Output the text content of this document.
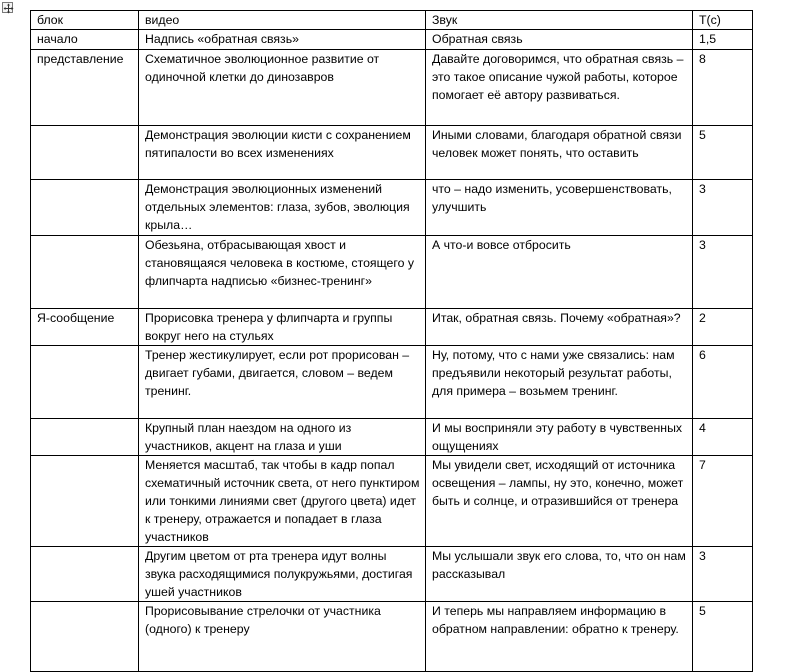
блок	видео	Звук	Т(с)
начало	Надпись «обратная связь»	Обратная связь	1,5
представление	Схематичное эволюционное развитие от одиночной клетки до динозавров	Давайте договоримся, что обратная связь – это такое описание чужой работы, которое помогает её автору развиваться.	8
	Демонстрация эволюции кисти с сохранением пятипалости во всех изменениях	Иными словами, благодаря обратной связи человек может понять, что оставить	5
	Демонстрация эволюционных изменений отдельных элементов: глаза, зубов, эволюция крыла…	что – надо изменить, усовершенствовать, улучшить	3
	Обезьяна, отбрасывающая хвост и становящаяся человека в костюме, стоящего у флипчарта надписью «бизнес-тренинг»	А что-и вовсе отбросить	3
Я-сообщение	Прорисовка тренера у флипчарта и группы вокруг него на стульях	Итак, обратная связь. Почему «обратная»?	2
	Тренер жестикулирует, если рот прорисован – двигает губами, двигается, словом – ведем тренинг.	Ну, потому, что с нами уже связались: нам предъявили некоторый результат работы, для примера – возьмем тренинг.	6
	Крупный план наездом на одного из участников, акцент на глаза и уши	И мы восприняли эту работу в чувственных ощущениях	4
	Меняется масштаб, так чтобы в кадр попал схематичный источник света, от него пунктиром или тонкими линиями свет (другого цвета) идет к тренеру, отражается и попадает в глаза участников	Мы увидели свет, исходящий от источника освещения – лампы, ну это, конечно, может быть и солнце, и отразившийся от тренера	7
	Другим цветом от рта тренера идут волны звука расходящимися полукружьями, достигая ушей участников	Мы услышали звук его слова, то, что он нам рассказывал	3
	Прорисовывание стрелочки от участника (одного) к тренеру	И теперь мы направляем информацию в обратном направлении: обратно к тренеру.	5
